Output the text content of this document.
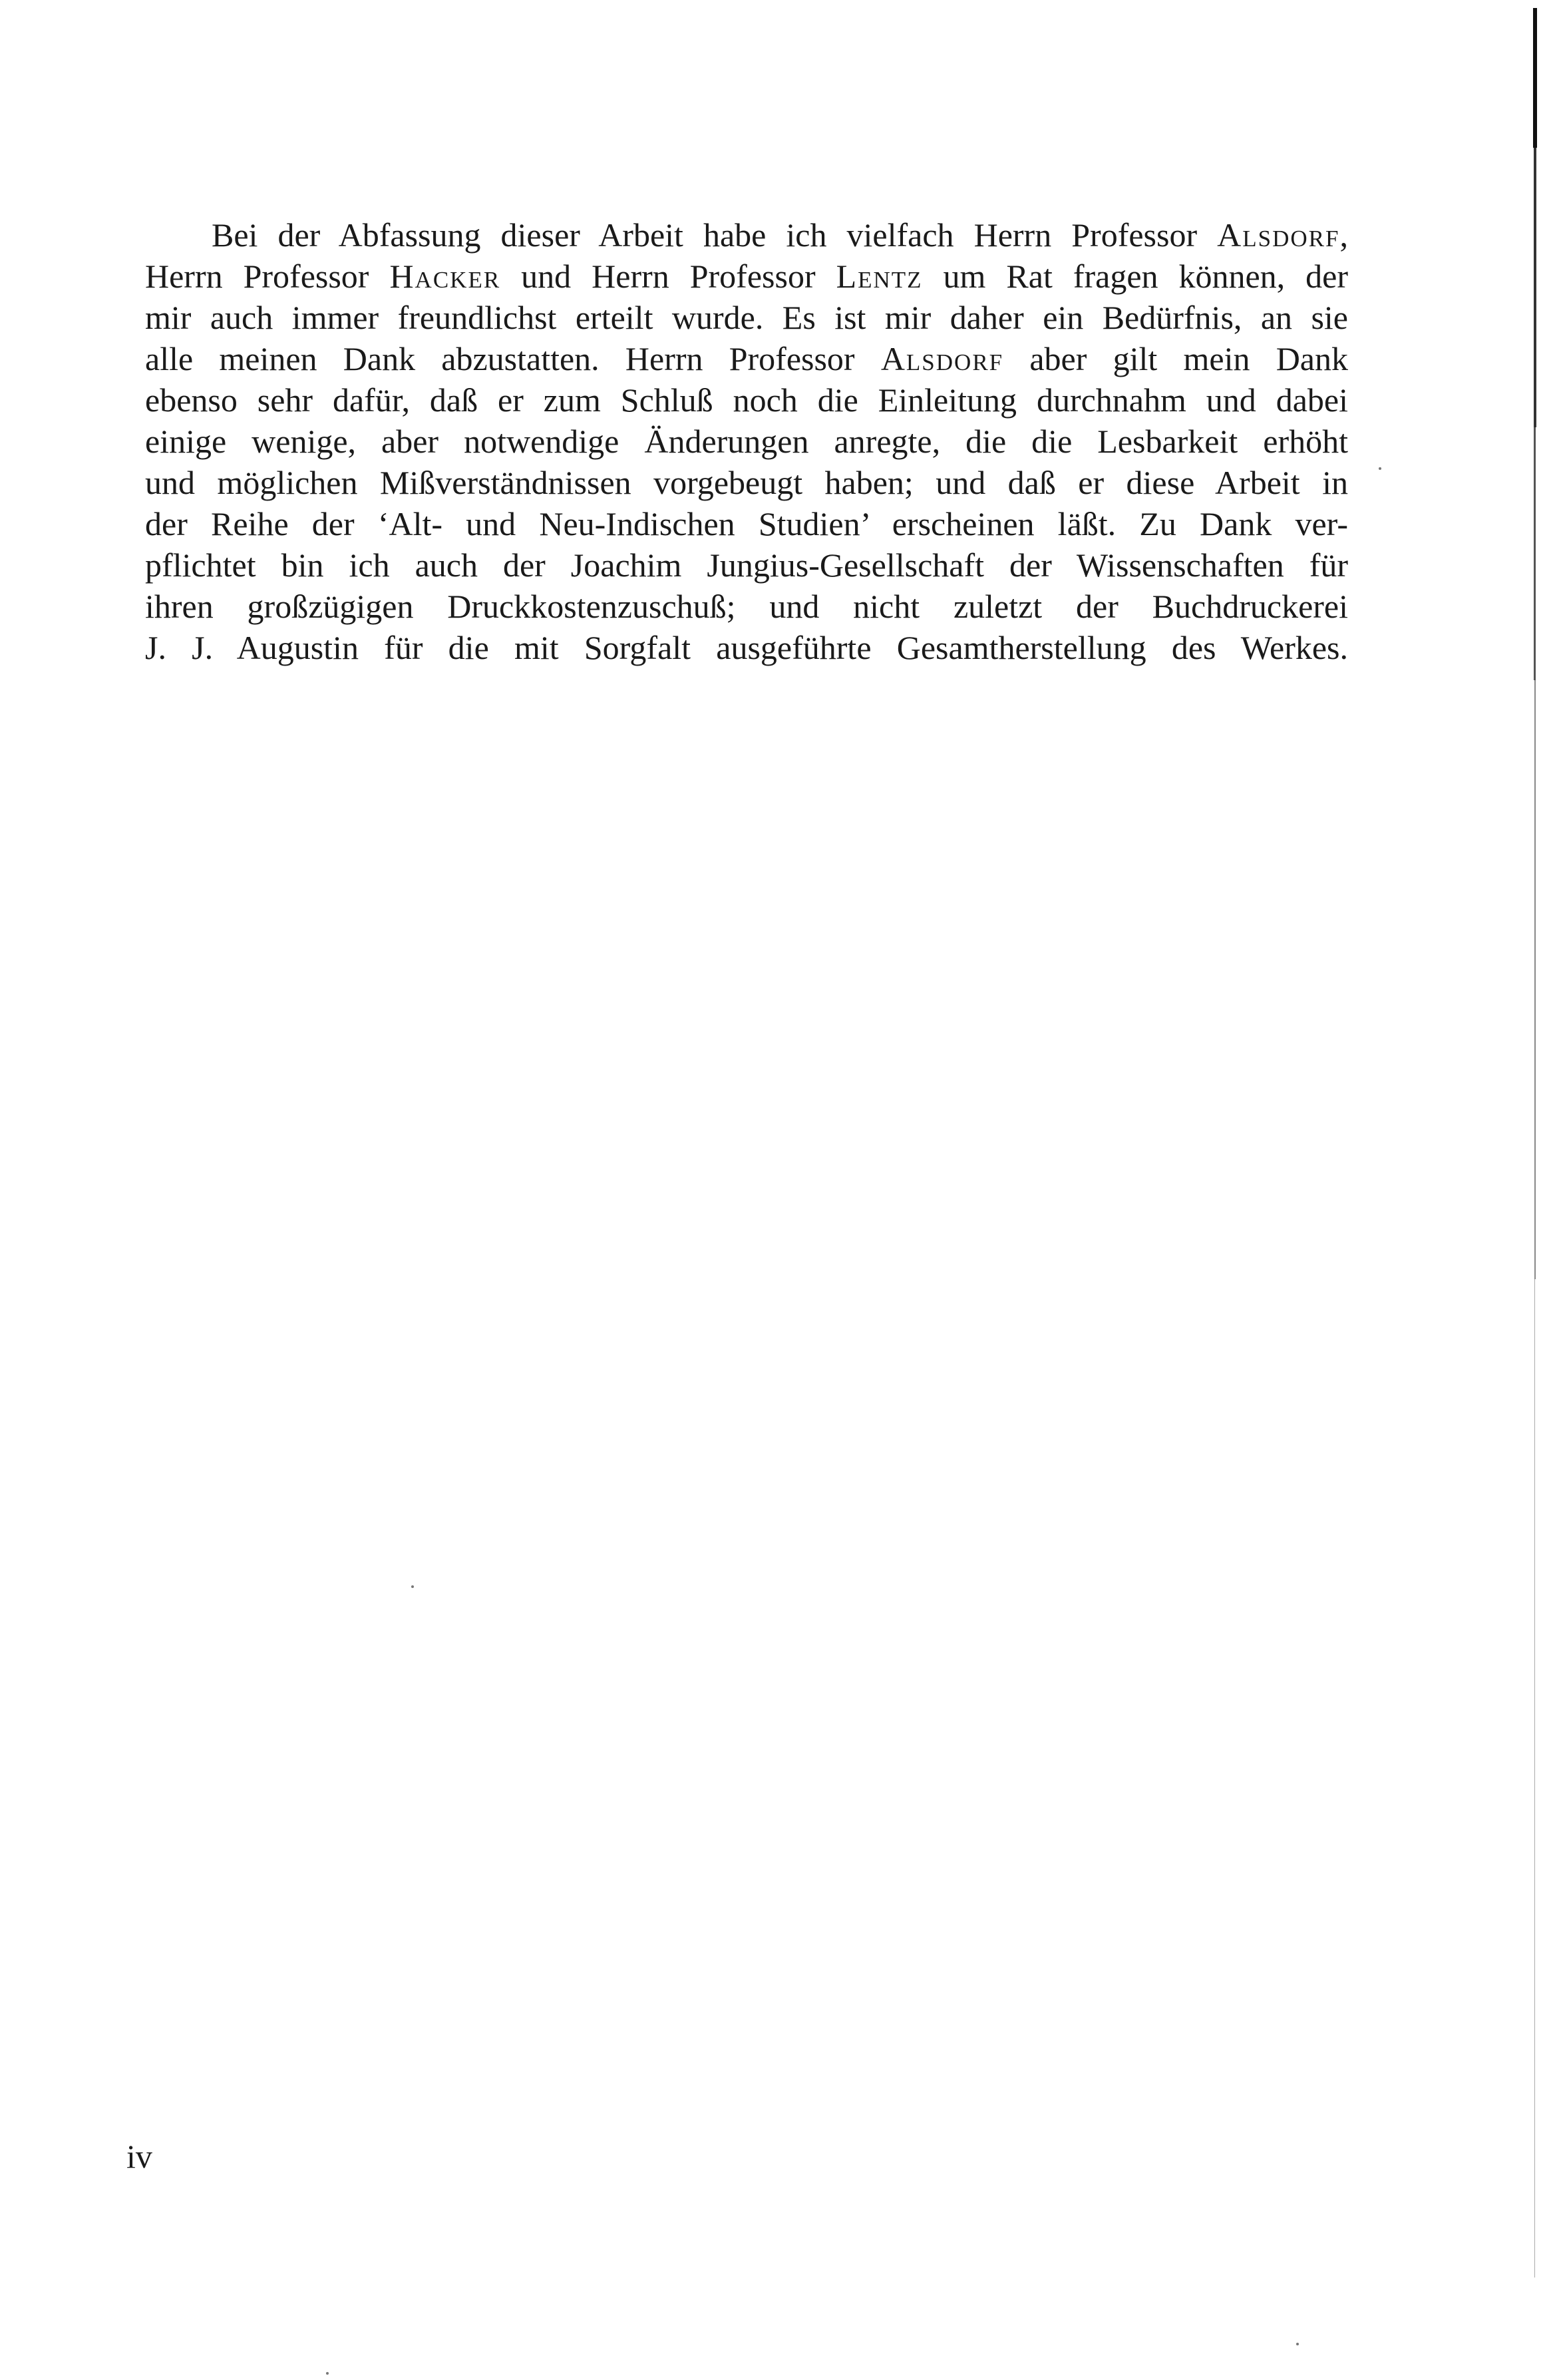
Bei der Abfassung dieser Arbeit habe ich vielfach Herrn Professor Alsdorf,
Herrn Professor Hacker und Herrn Professor Lentz um Rat fragen können, der
mir auch immer freundlichst erteilt wurde. Es ist mir daher ein Bedürfnis, an sie
alle meinen Dank abzustatten. Herrn Professor Alsdorf aber gilt mein Dank
ebenso sehr dafür, daß er zum Schluß noch die Einleitung durchnahm und dabei
einige wenige, aber notwendige Änderungen anregte, die die Lesbarkeit erhöht
und möglichen Mißverständnissen vorgebeugt haben; und daß er diese Arbeit in
der Reihe der ‘Alt- und Neu-Indischen Studien’ erscheinen läßt. Zu Dank ver-
pflichtet bin ich auch der Joachim Jungius-Gesellschaft der Wissenschaften für
ihren großzügigen Druckkostenzuschuß; und nicht zuletzt der Buchdruckerei
J. J. Augustin für die mit Sorgfalt ausgeführte Gesamtherstellung des Werkes.
iv
